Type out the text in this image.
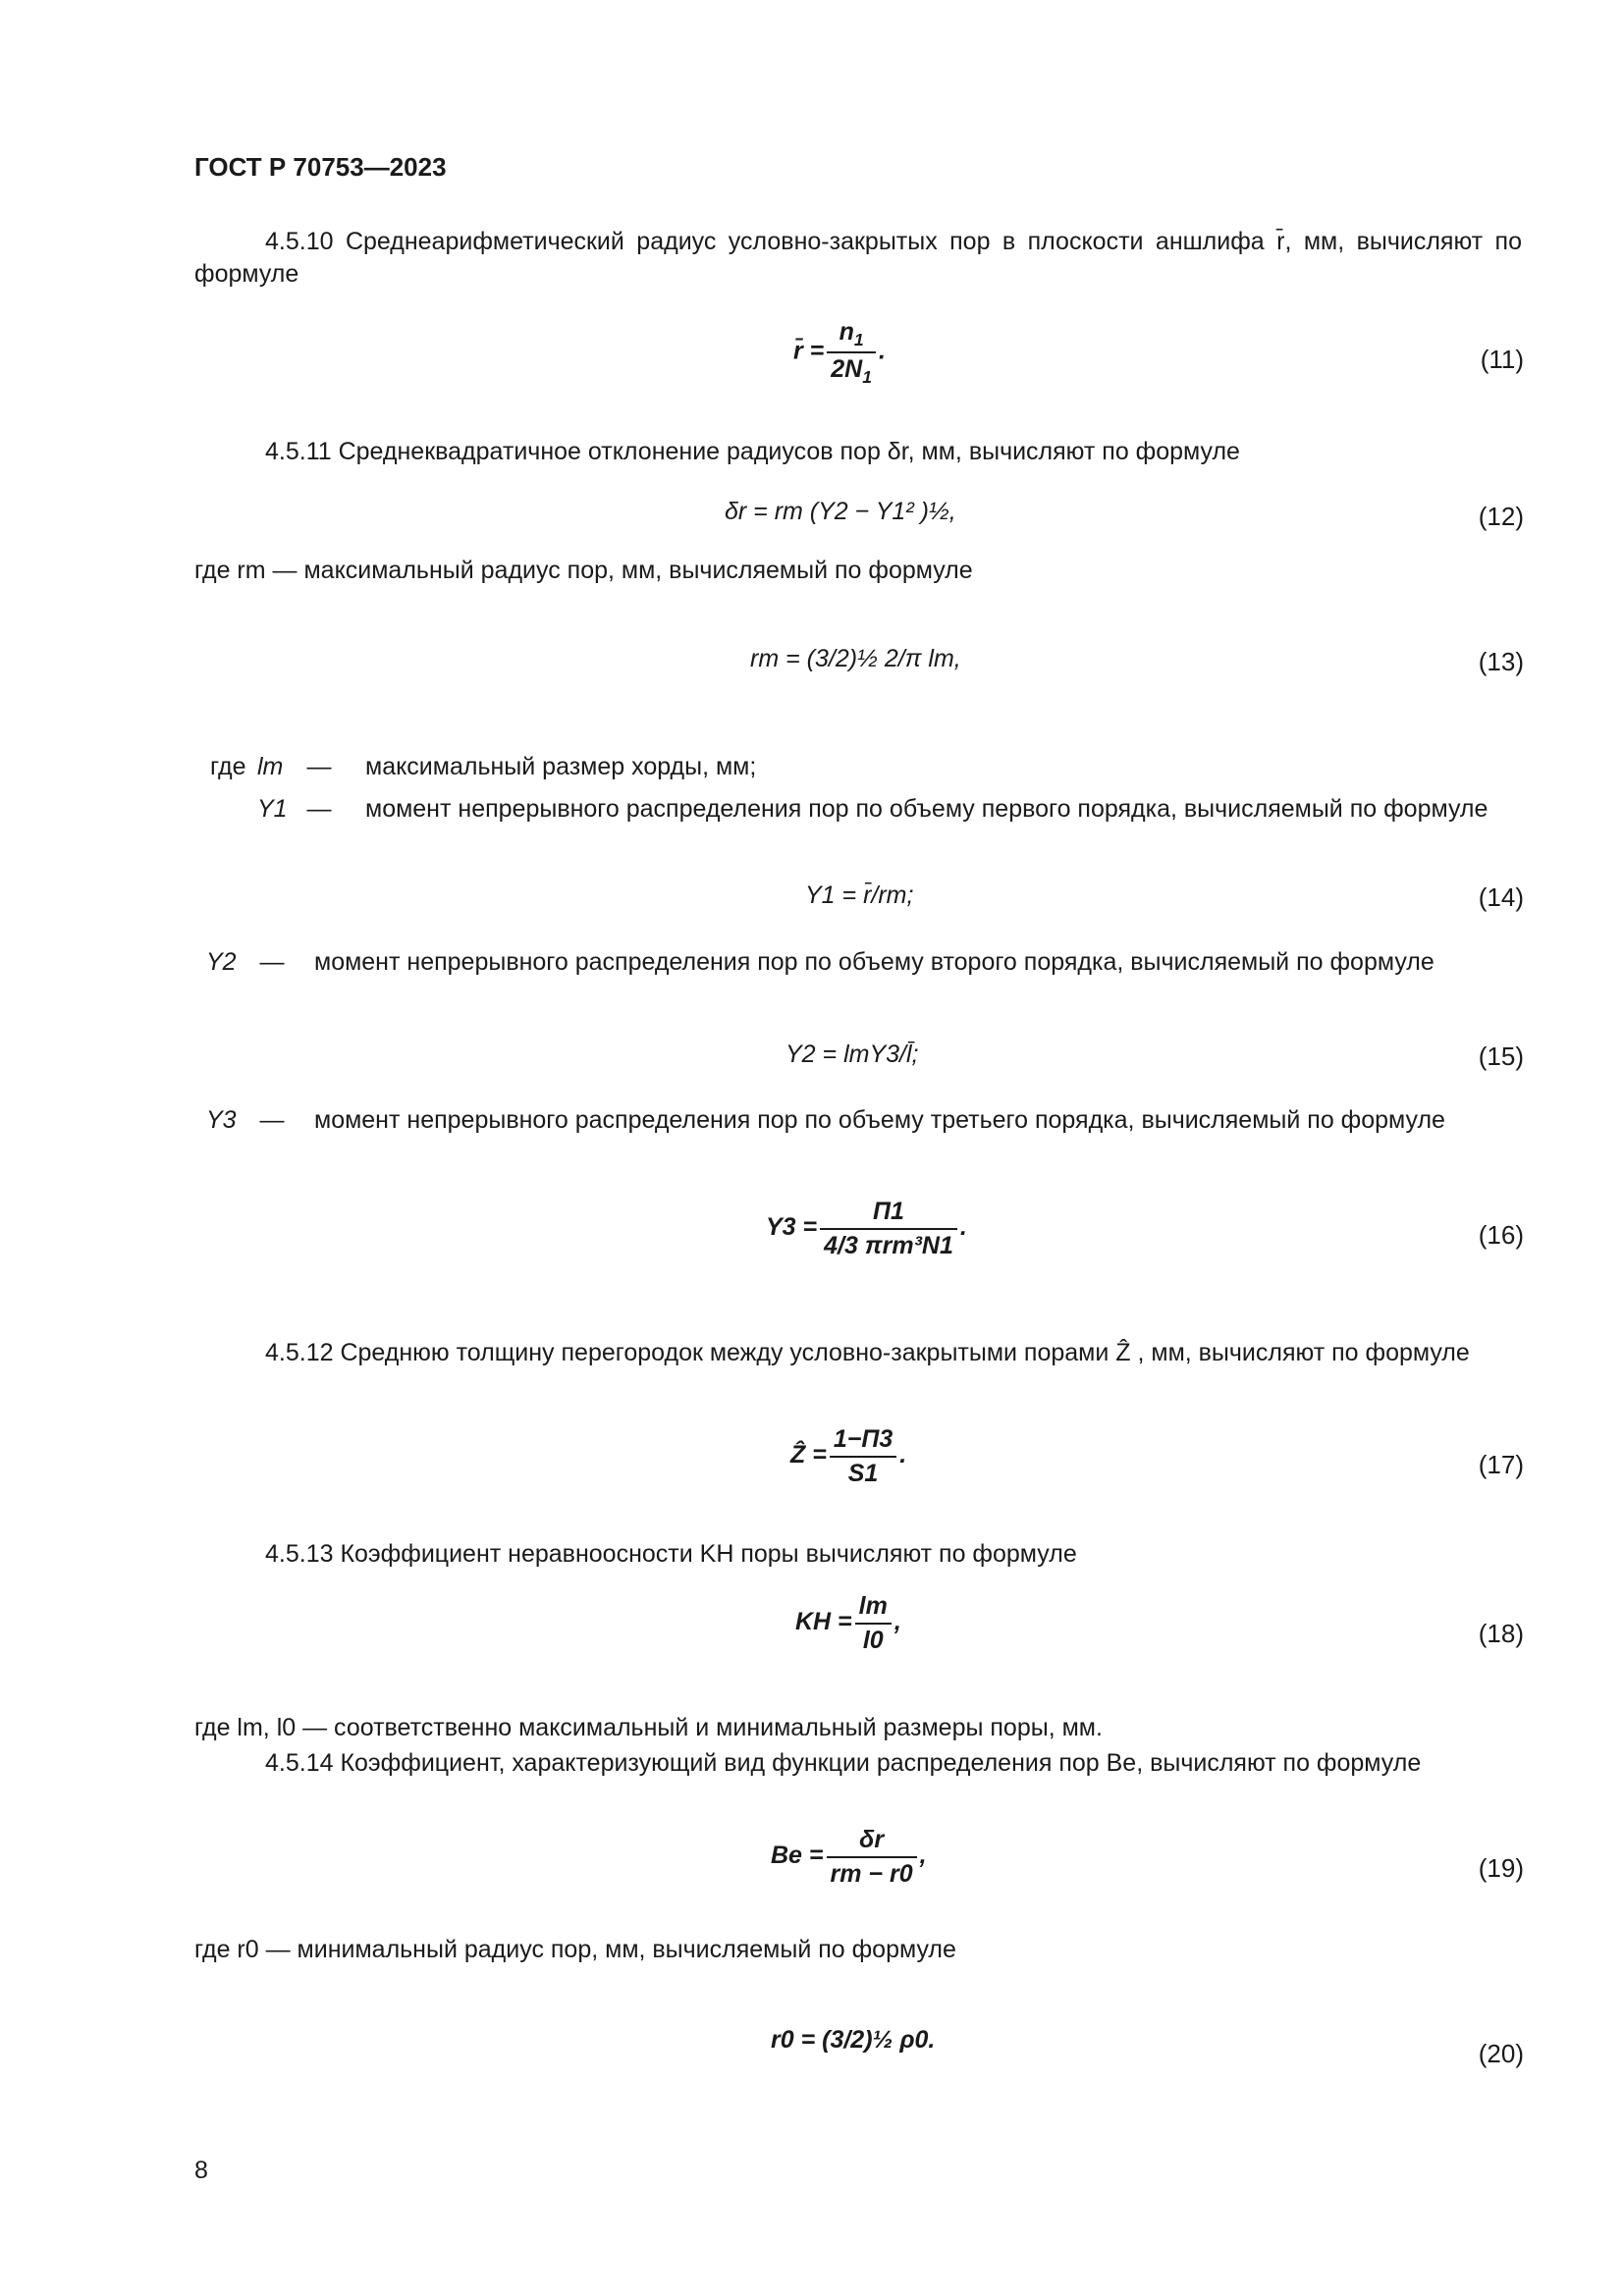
ГОСТ Р 70753—2023
4.5.10 Среднеарифметический радиус условно-закрытых пор в плоскости аншлифа r̄, мм, вычисляют по формуле
r̄ = $\frac{n_1}{2N_1}$ .	(11)
4.5.11 Среднеквадратичное отклонение радиусов пор δr, мм, вычисляют по формуле
δr = rm (Y2 − Y1² )½,	(12)
где rm — максимальный радиус пор, мм, вычисляемый по формуле
rm = (3/2)½ 2/π lm,	(13)
где lm —	максимальный размер хорды, мм;
Y1 —	момент непрерывного распределения пор по объему первого порядка, вычисляемый по формуле
Y1 = r̄/rm;	(14)
Y2 —	момент непрерывного распределения пор по объему второго порядка, вычисляемый по формуле
Y2 = lmY3/l̄;	(15)
Y3 —	момент непрерывного распределения пор по объему третьего порядка, вычисляемый по формуле
$Y3 = \frac{П1}{\text{4/3 πrm³N1}}$ .	(16)
4.5.12 Среднюю толщину перегородок между условно-закрытыми порами Ẑ , мм, вычисляют по формуле
Ẑ = $\frac{1-П3}{S1}$ .	(17)
4.5.13 Коэффициент неравноосности KH поры вычисляют по формуле
KH = $\frac{lm}{l0}$ ,	(18)
где lm, l0 — соответственно максимальный и минимальный размеры поры, мм.
4.5.14 Коэффициент, характеризующий вид функции распределения пор Be, вычисляют по формуле
$Be = \frac{\delta r}{rm - r0}$ ,	(19)
где r0 — минимальный радиус пор, мм, вычисляемый по формуле
r0 = (3/2)½ ρ0.	(20)
8
